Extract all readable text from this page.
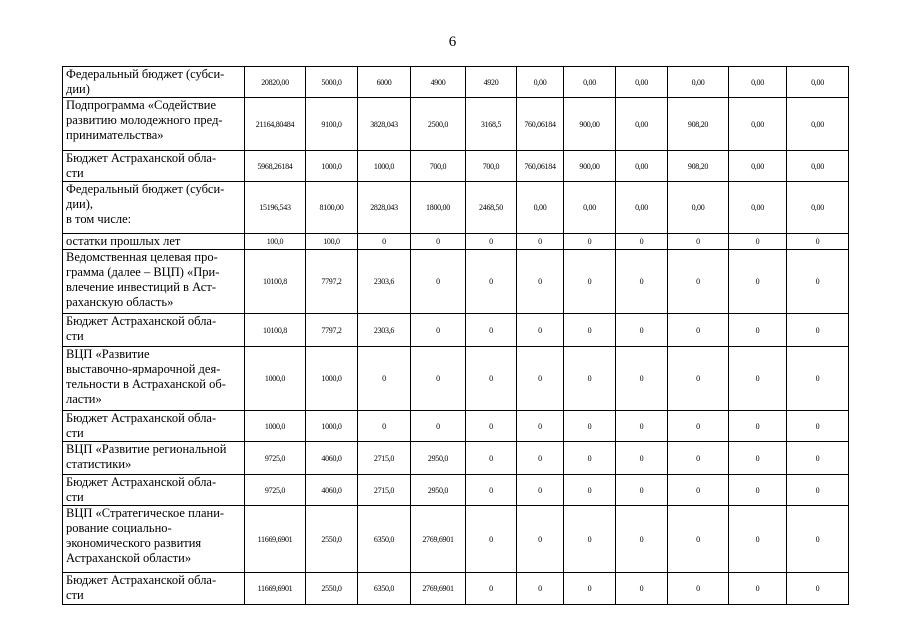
6
Федеральный бюджет (субси-
дии)	20820,00	5000,0	6000	4900	4920	0,00	0,00	0,00	0,00	0,00	0,00
Подпрограмма «Содействие
развитию молодежного пред-
принимательства»	21164,80484	9100,0	3828,043	2500,0	3168,5	760,06184	900,00	0,00	908,20	0,00	0,00
Бюджет Астраханской обла-
сти	5968,26184	1000,0	1000,0	700,0	700,0	760,06184	900,00	0,00	908,20	0,00	0,00
Федеральный бюджет (субси-
дии),
в том числе:	15196,543	8100,00	2828,043	1800,00	2468,50	0,00	0,00	0,00	0,00	0,00	0,00
остатки прошлых лет	100,0	100,0	0	0	0	0	0	0	0	0	0
Ведомственная целевая про-
грамма (далее – ВЦП) «При-
влечение инвестиций в Аст-
раханскую область»	10100,8	7797,2	2303,6	0	0	0	0	0	0	0	0
Бюджет Астраханской обла-
сти	10100,8	7797,2	2303,6	0	0	0	0	0	0	0	0
ВЦП «Развитие
выставочно-ярмарочной дея-
тельности в Астраханской об-
ласти»	1000,0	1000,0	0	0	0	0	0	0	0	0	0
Бюджет Астраханской обла-
сти	1000,0	1000,0	0	0	0	0	0	0	0	0	0
ВЦП «Развитие региональной
статистики»	9725,0	4060,0	2715,0	2950,0	0	0	0	0	0	0	0
Бюджет Астраханской обла-
сти	9725,0	4060,0	2715,0	2950,0	0	0	0	0	0	0	0
ВЦП «Стратегическое плани-
рование социально-
экономического развития
Астраханской области»	11669,6901	2550,0	6350,0	2769,6901	0	0	0	0	0	0	0
Бюджет Астраханской обла-
сти	11669,6901	2550,0	6350,0	2769,6901	0	0	0	0	0	0	0
